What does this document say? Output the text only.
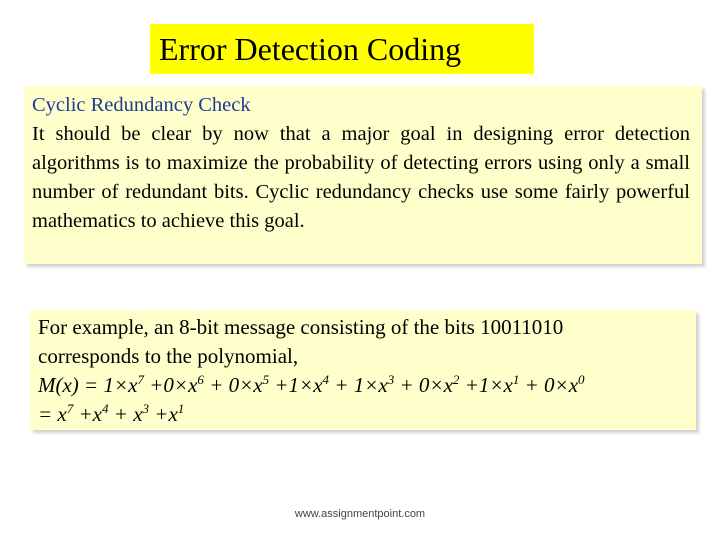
Error Detection Coding
Cyclic Redundancy Check

It should be clear by now that a major goal in designing error detection algorithms is to maximize the probability of detecting errors using only a small number of redundant bits. Cyclic redundancy checks use some fairly powerful mathematics to achieve this goal.

For example, an 8-bit message consisting of the bits 10011010
corresponds to the polynomial,
$M(x) = 1\times x^7 +0\times x^6 + 0\times x^5 +1\times x^4 + 1\times x^3 + 0\times x^2 +1\times x^1 + 0\times x^0$
= $x^7 +x^4 + x^3 +x^1$
www.assignmentpoint.com
